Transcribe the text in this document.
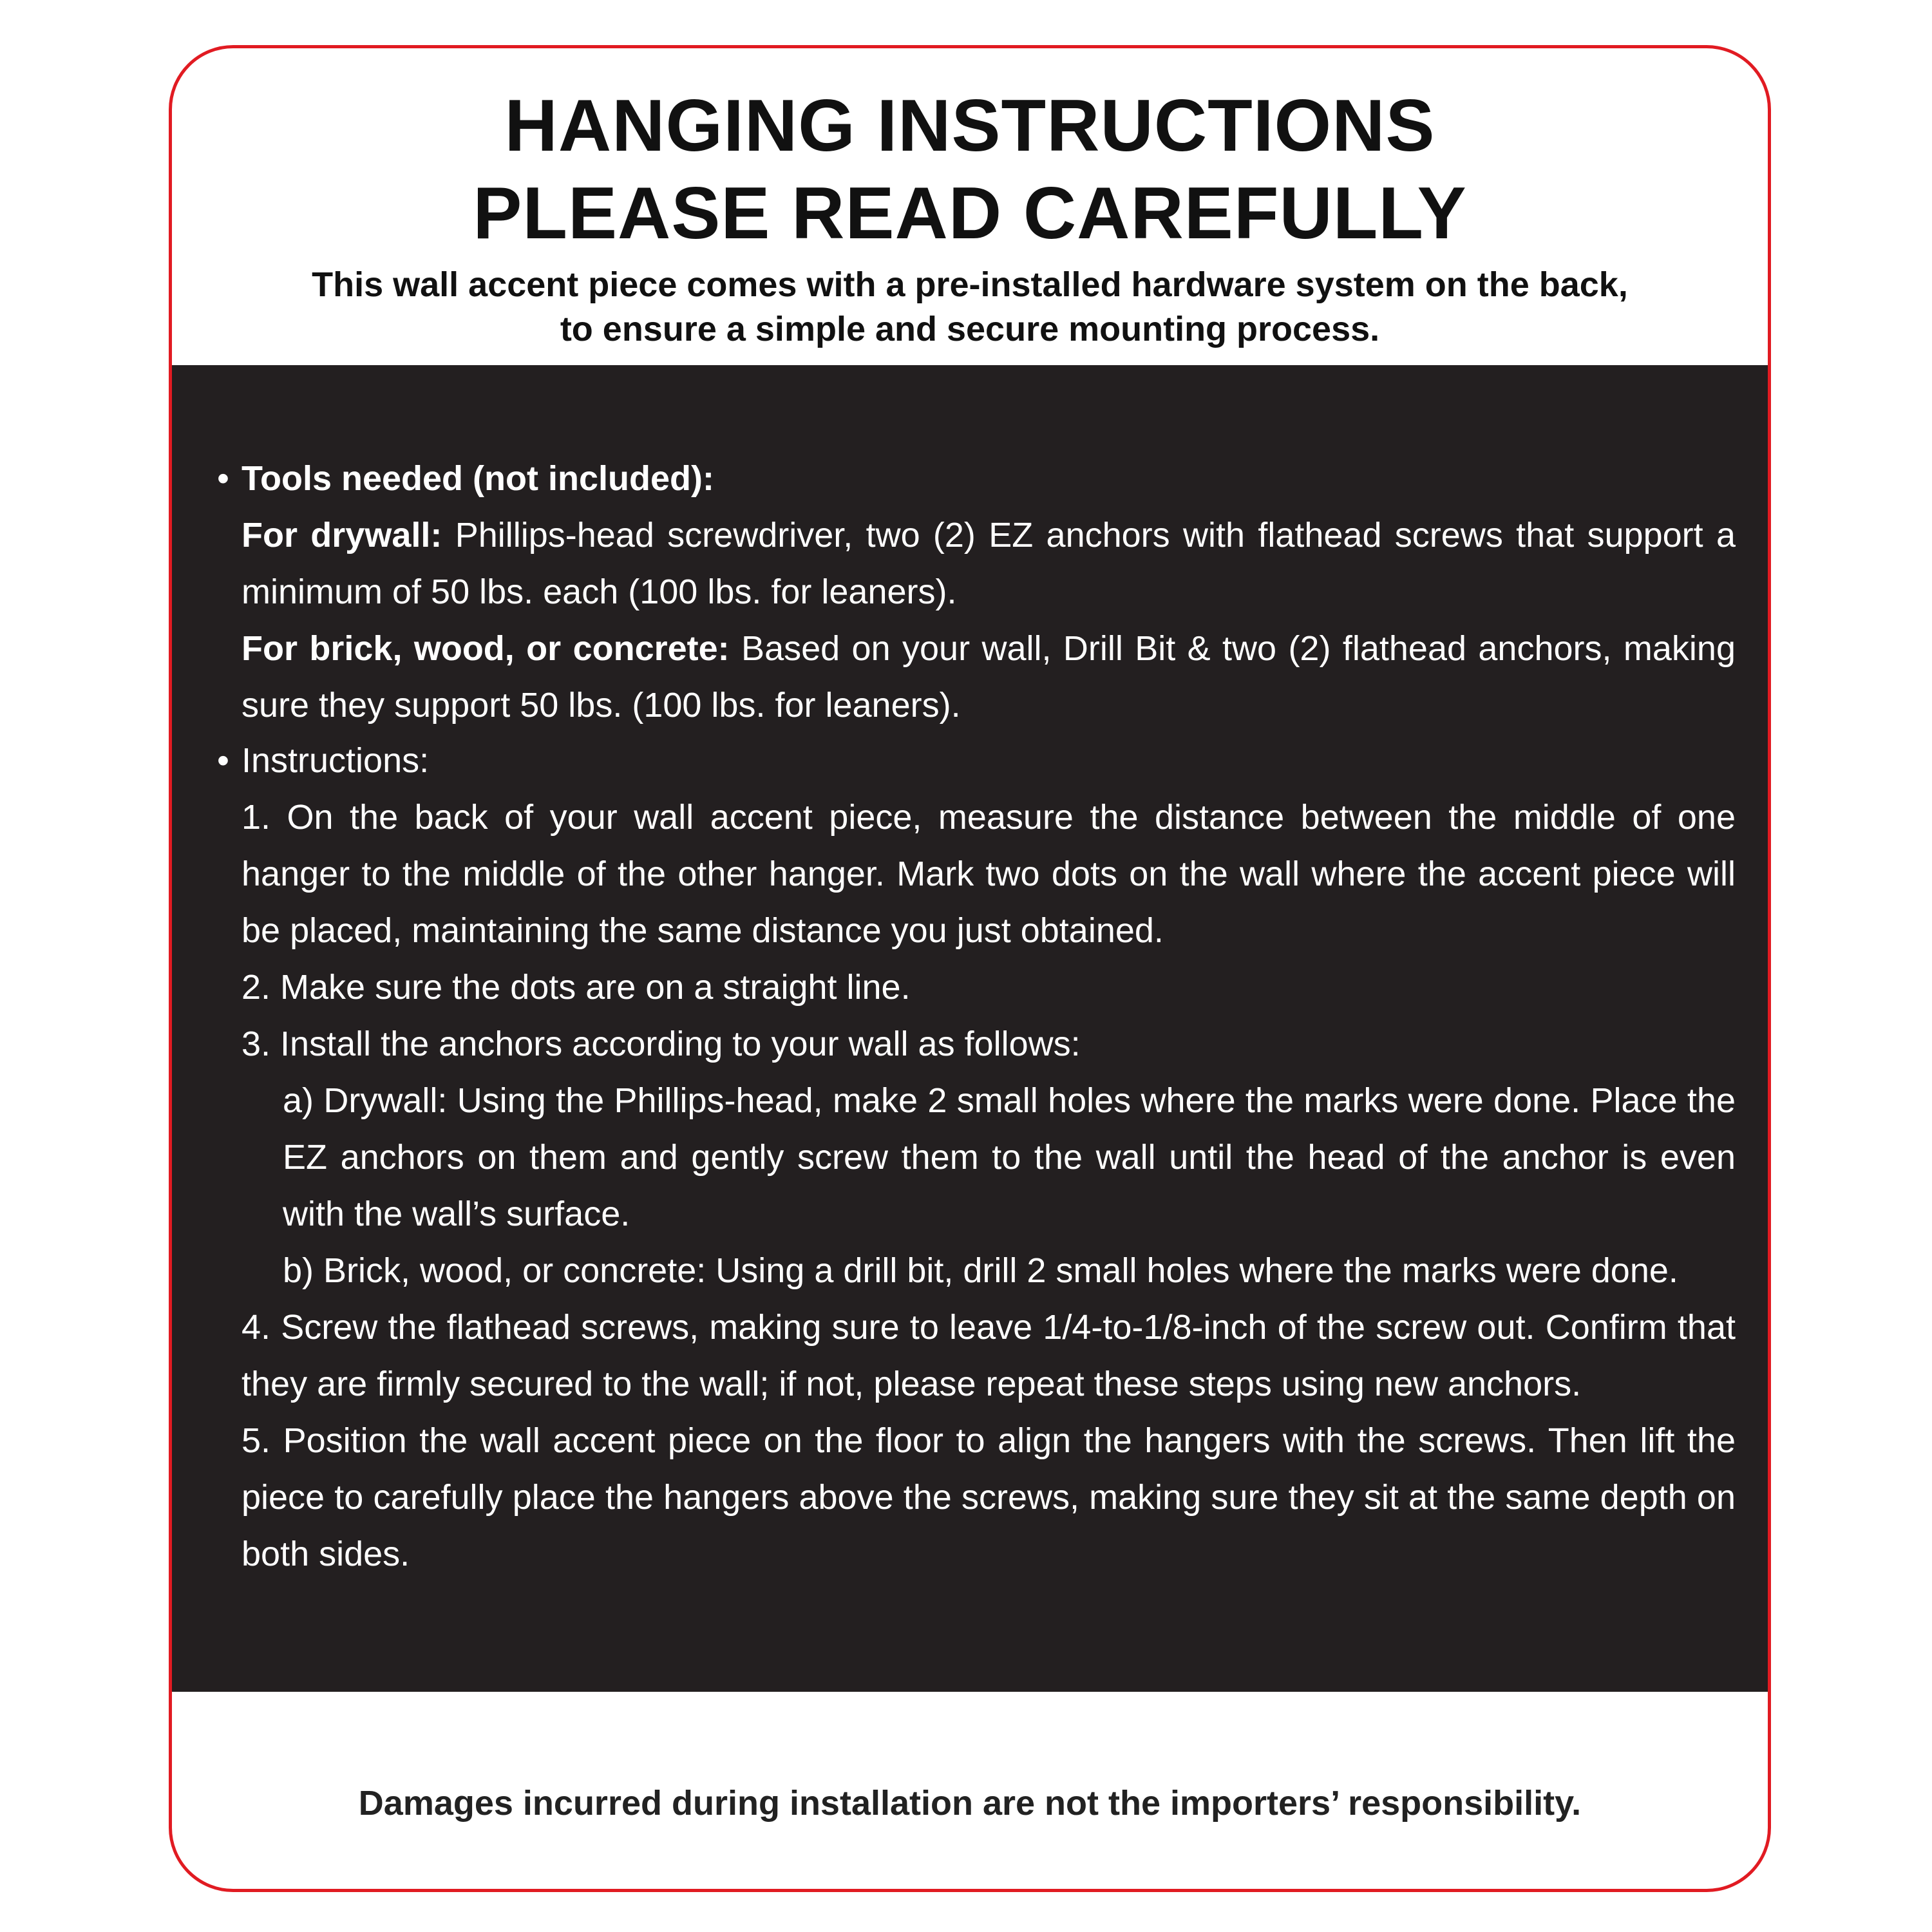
HANGING INSTRUCTIONS
PLEASE READ CAREFULLY
This wall accent piece comes with a pre-installed hardware system on the back,
to ensure a simple and secure mounting process.
• Tools needed (not included):
For drywall: Phillips-head screwdriver, two (2) EZ anchors with flathead screws that support a minimum of 50 lbs. each (100 lbs. for leaners).
For brick, wood, or concrete: Based on your wall, Drill Bit & two (2) flathead anchors, making sure they support 50 lbs. (100 lbs. for leaners).
• Instructions:
1. On the back of your wall accent piece, measure the distance between the middle of one hanger to the middle of the other hanger. Mark two dots on the wall where the accent piece will be placed, maintaining the same distance you just obtained.
2. Make sure the dots are on a straight line.
3. Install the anchors according to your wall as follows:
a) Drywall: Using the Phillips-head, make 2 small holes where the marks were done. Place the EZ anchors on them and gently screw them to the wall until the head of the anchor is even with the wall’s surface.
b) Brick, wood, or concrete: Using a drill bit, drill 2 small holes where the marks were done.
4. Screw the flathead screws, making sure to leave 1/4-to-1/8-inch of the screw out. Confirm that they are firmly secured to the wall; if not, please repeat these steps using new anchors.
5. Position the wall accent piece on the floor to align the hangers with the screws. Then lift the piece to carefully place the hangers above the screws, making sure they sit at the same depth on both sides.
Damages incurred during installation are not the importers’ responsibility.
